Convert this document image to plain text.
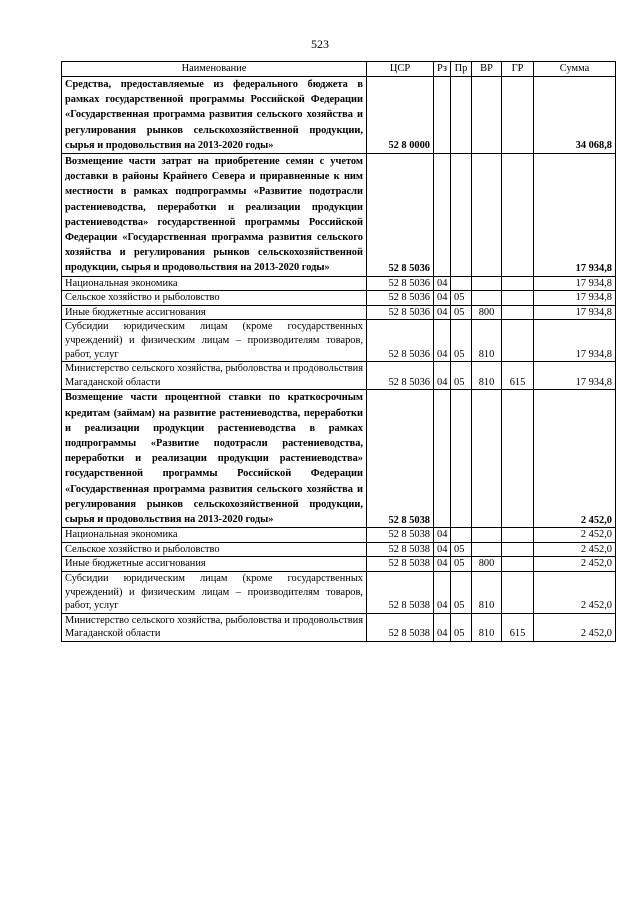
523
Наименование	ЦСР	Рз	Пр	ВР	ГР	Сумма
Средства, предоставляемые из федерального бюджета в рамках государственной программы Российской Федерации «Государственная программа развития сельского хозяйства и регулирования рынков сельскохозяйственной продукции, сырья и продовольствия на 2013-2020 годы»	52 8 0000					34 068,8
Возмещение части затрат на приобретение семян с учетом доставки в районы Крайнего Севера и приравненные к ним местности в рамках подпрограммы «Развитие подотрасли растениеводства, переработки и реализации продукции растениеводства» государственной программы Российской Федерации «Государственная программа развития сельского хозяйства и регулирования рынков сельскохозяйственной продукции, сырья и продовольствия на 2013-2020 годы»	52 8 5036					17 934,8
Национальная экономика	52 8 5036	04				17 934,8
Сельское хозяйство и рыболовство	52 8 5036	04	05			17 934,8
Иные бюджетные ассигнования	52 8 5036	04	05	800		17 934,8
Субсидии юридическим лицам (кроме государственных учреждений) и физическим лицам – производителям товаров, работ, услуг	52 8 5036	04	05	810		17 934,8
Министерство сельского хозяйства, рыболовства и продовольствия Магаданской области	52 8 5036	04	05	810	615	17 934,8
Возмещение части процентной ставки по краткосрочным кредитам (займам) на развитие растениеводства, переработки и реализации продукции растениеводства в рамках подпрограммы «Развитие подотрасли растениеводства, переработки и реализации продукции растениеводства» государственной программы Российской Федерации «Государственная программа развития сельского хозяйства и регулирования рынков сельскохозяйственной продукции, сырья и продовольствия на 2013-2020 годы»	52 8 5038					2 452,0
Национальная экономика	52 8 5038	04				2 452,0
Сельское хозяйство и рыболовство	52 8 5038	04	05			2 452,0
Иные бюджетные ассигнования	52 8 5038	04	05	800		2 452,0
Субсидии юридическим лицам (кроме государственных учреждений) и физическим лицам – производителям товаров, работ, услуг	52 8 5038	04	05	810		2 452,0
Министерство сельского хозяйства, рыболовства и продовольствия Магаданской области	52 8 5038	04	05	810	615	2 452,0
